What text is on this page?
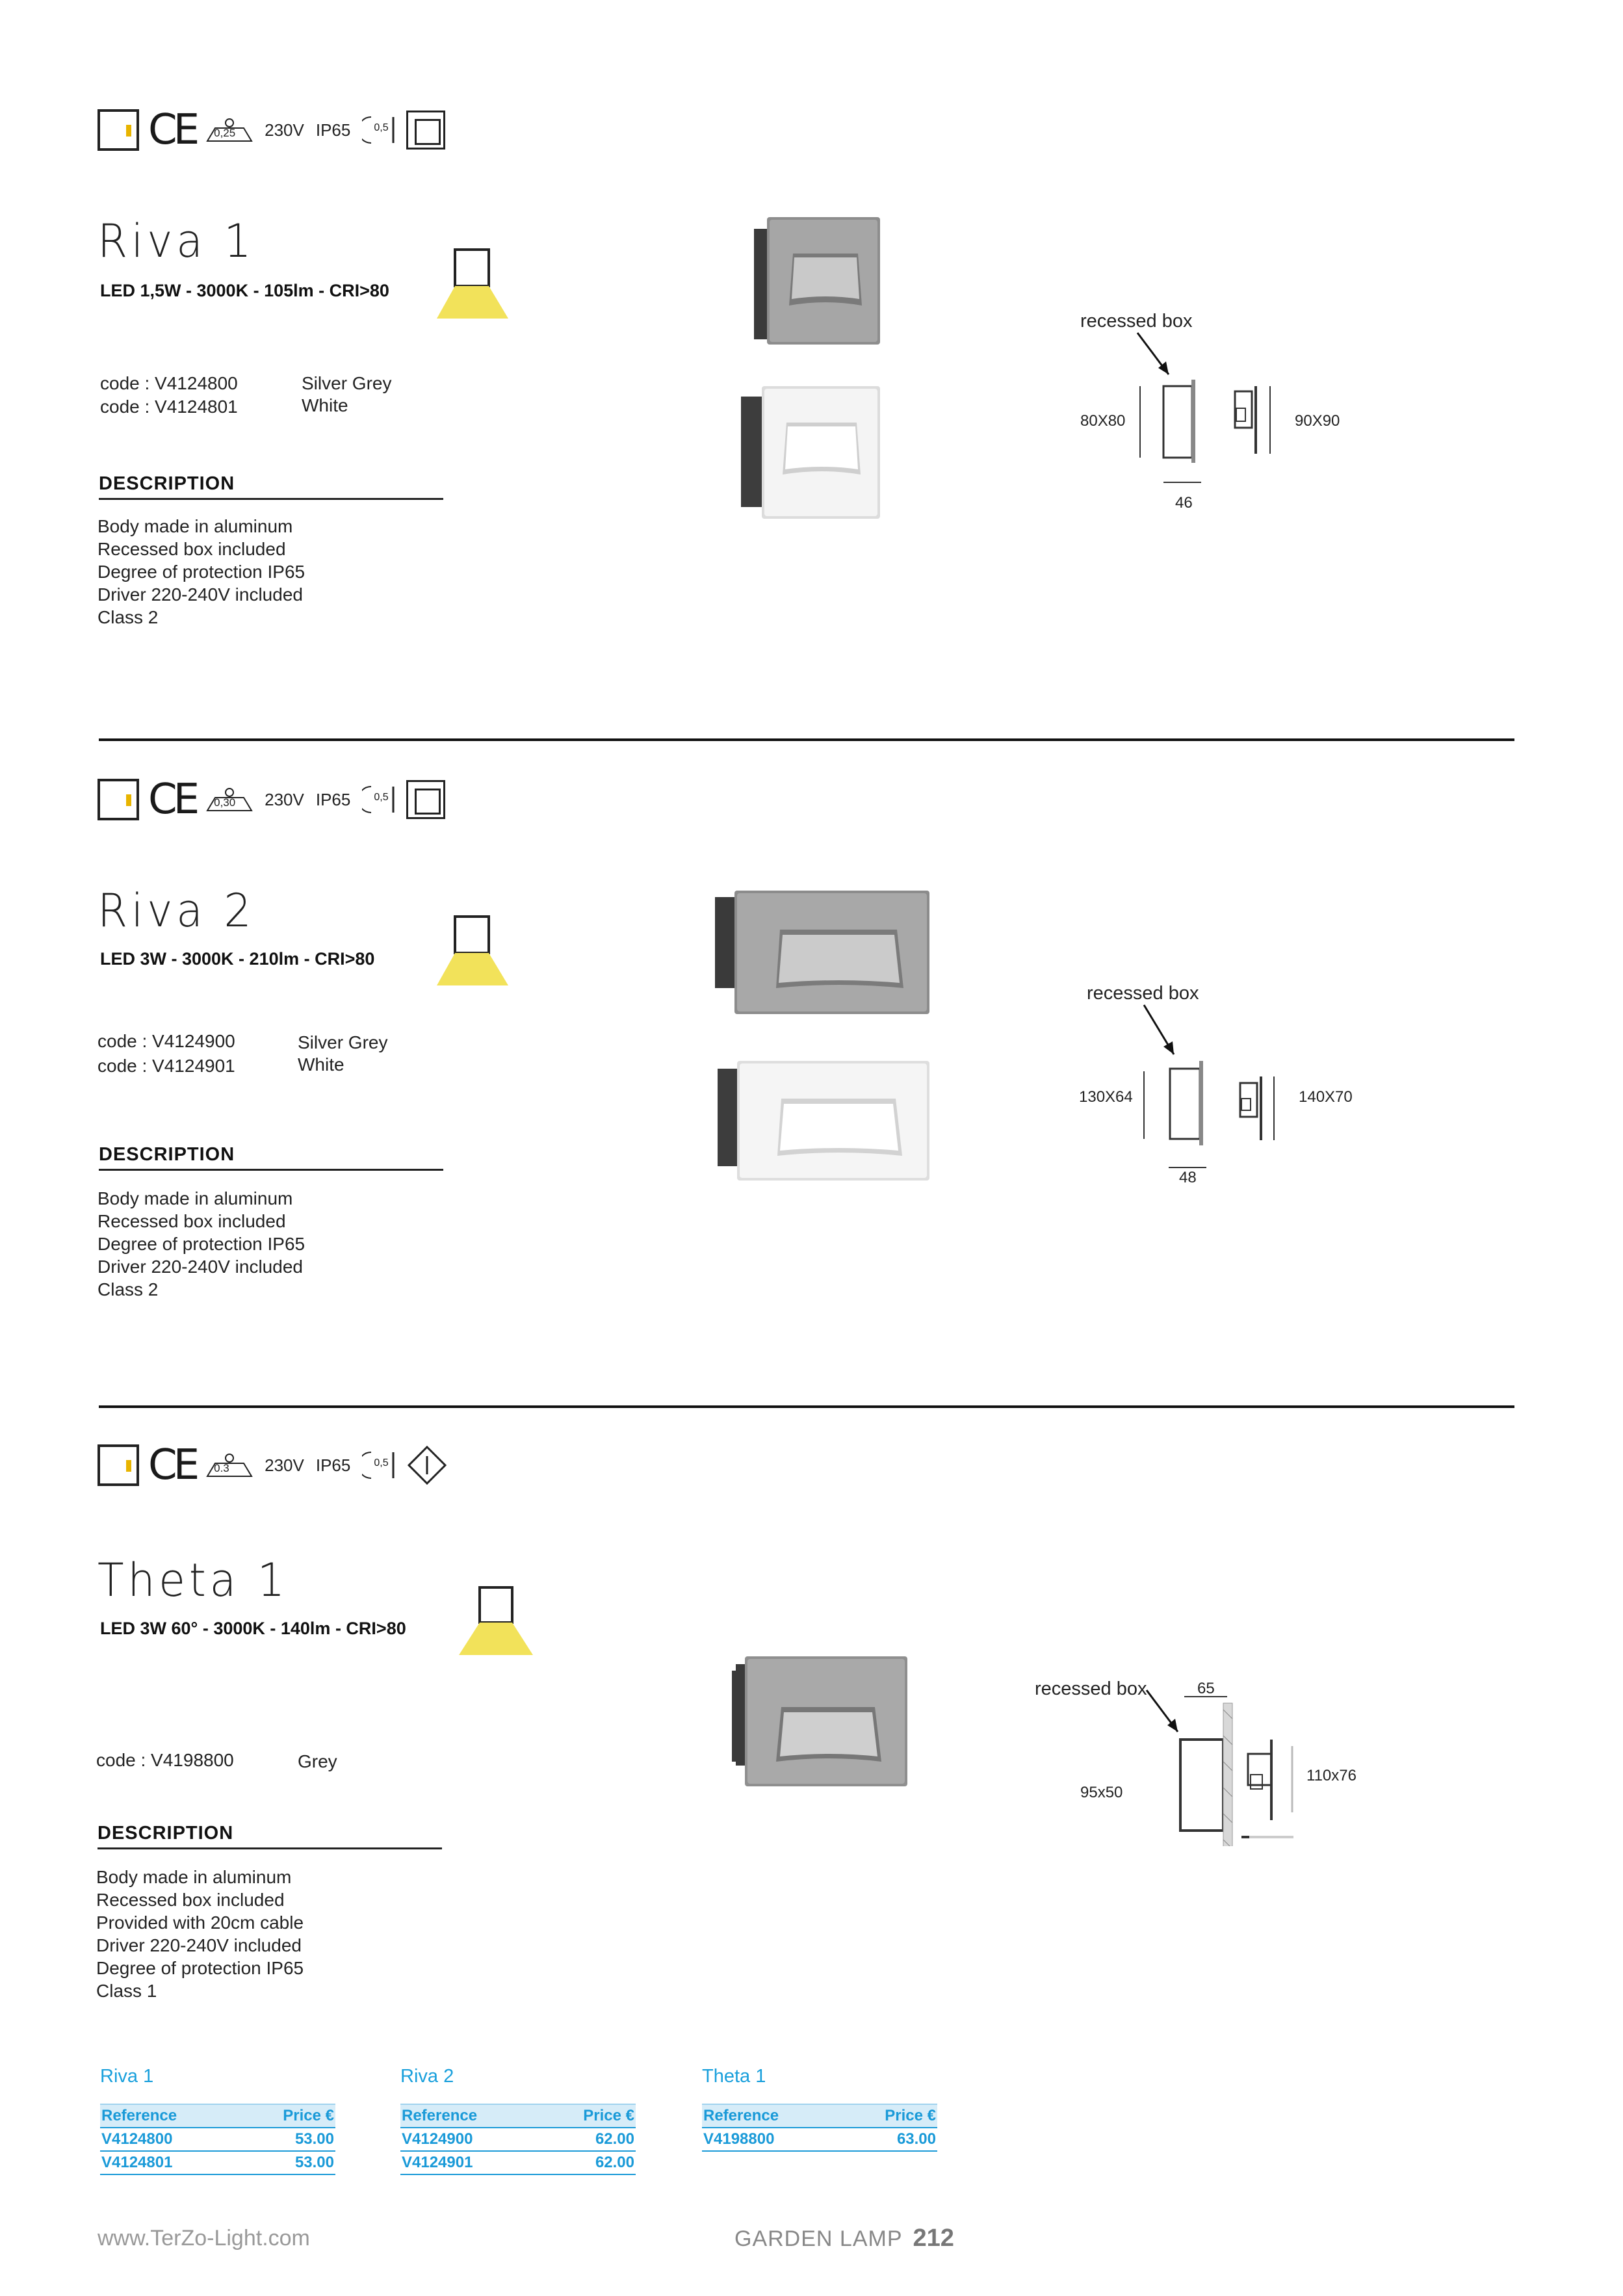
CE 0,25 230V IP65 0,5
Riva 1
LED 1,5W - 3000K - 105lm - CRI>80
code : V4124800	Silver Grey
code : V4124801	White
DESCRIPTION
Body made in aluminum
Recessed box included
Degree of protection IP65
Driver 220-240V included
Class 2
recessed box
80X80	90X90
46
CE 0,30 230V IP65 0,5
Riva 2
LED 3W - 3000K - 210lm - CRI>80
code : V4124900	Silver Grey
code : V4124901	White
DESCRIPTION
Body made in aluminum
Recessed box included
Degree of protection IP65
Driver 220-240V included
Class 2
recessed box
130X64	140X70
48
CE 0.3 230V IP65 0,5
Theta 1
LED 3W 60° - 3000K - 140lm - CRI>80
code : V4198800	Grey
DESCRIPTION
Body made in aluminum
Recessed box included
Provided with 20cm cable
Driver 220-240V included
Degree of protection IP65
Class 1
recessed box	65
95x50
110x76
Riva 1
Reference	Price €
V4124800	53.00
V4124801	53.00
Riva 2
Reference	Price €
V4124900	62.00
V4124901	62.00
Theta 1
Reference	Price €
V4198800	63.00
www.TerZo-Light.com	GARDEN LAMP 212
